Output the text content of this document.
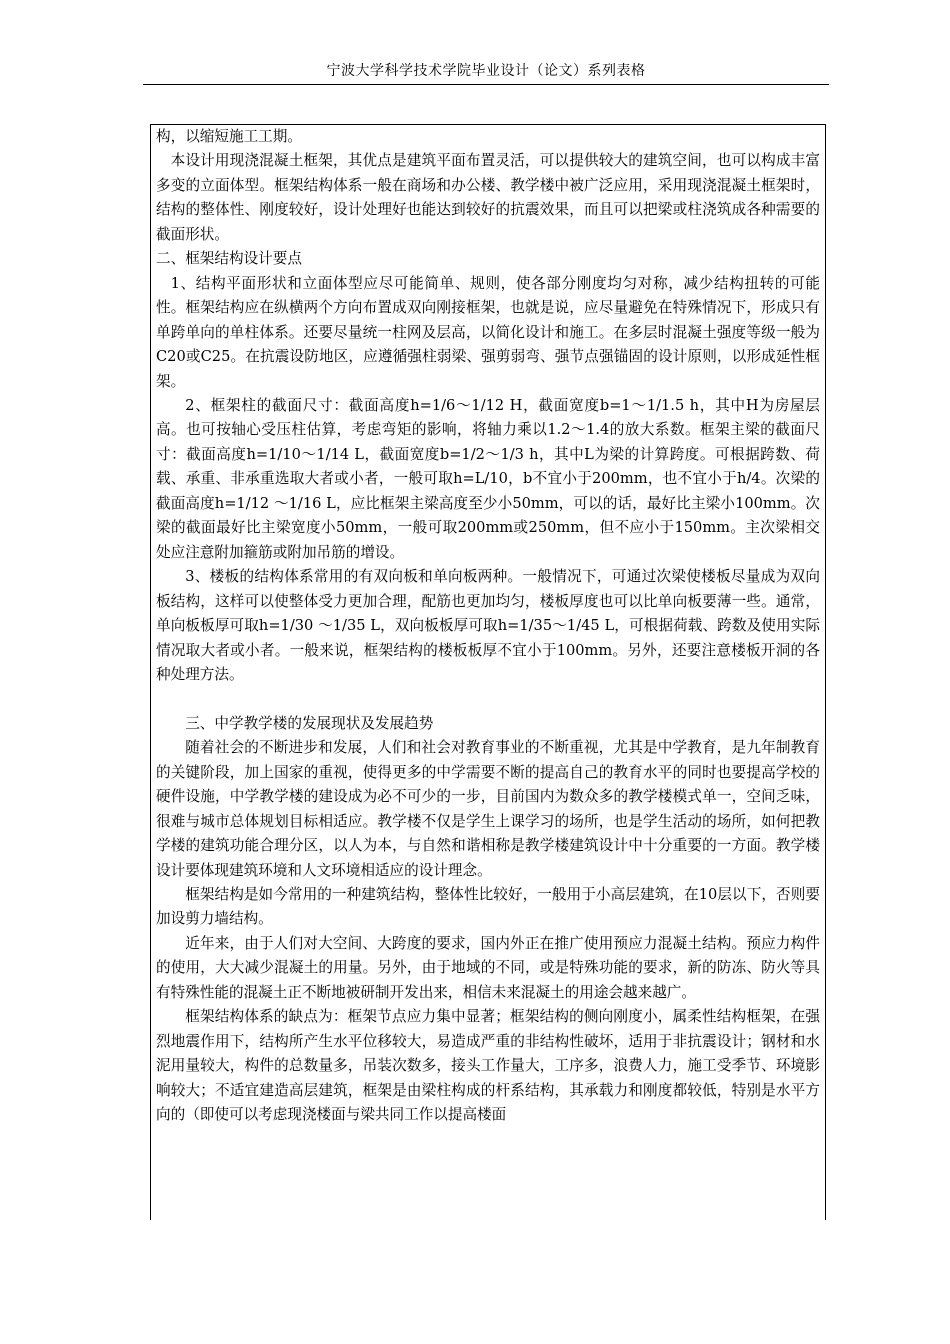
宁波大学科学技术学院毕业设计（论文）系列表格

构，以缩短施工工期。

本设计用现浇混凝土框架，其优点是建筑平面布置灵活，可以提供较大的建筑空间，也可以构成丰富多变的立面体型。框架结构体系一般在商场和办公楼、教学楼中被广泛应用，采用现浇混凝土框架时，结构的整体性、刚度较好，设计处理好也能达到较好的抗震效果，而且可以把梁或柱浇筑成各种需要的截面形状。

二、框架结构设计要点

1、结构平面形状和立面体型应尽可能简单、规则，使各部分刚度均匀对称，减少结构扭转的可能性。框架结构应在纵横两个方向布置成双向刚接框架，也就是说，应尽量避免在特殊情况下，形成只有单跨单向的单柱体系。还要尽量统一柱网及层高，以简化设计和施工。在多层时混凝土强度等级一般为C20或C25。在抗震设防地区，应遵循强柱弱梁、强剪弱弯、强节点强锚固的设计原则，以形成延性框架。

2、框架柱的截面尺寸：截面高度h=1/6～1/12 H，截面宽度b=1～1/1.5 h，其中H为房屋层高。也可按轴心受压柱估算，考虑弯矩的影响，将轴力乘以1.2～1.4的放大系数。框架主梁的截面尺寸：截面高度h=1/10～1/14 L，截面宽度b=1/2～1/3 h，其中L为梁的计算跨度。可根据跨数、荷载、承重、非承重选取大者或小者，一般可取h=L/10，b不宜小于200mm，也不宜小于h/4。次梁的截面高度h=1/12 ～1/16 L，应比框架主梁高度至少小50mm，可以的话，最好比主梁小100mm。次梁的截面最好比主梁宽度小50mm，一般可取200mm或250mm，但不应小于150mm。主次梁相交处应注意附加箍筋或附加吊筋的增设。

3、楼板的结构体系常用的有双向板和单向板两种。一般情况下，可通过次梁使楼板尽量成为双向板结构，这样可以使整体受力更加合理，配筋也更加均匀，楼板厚度也可以比单向板要薄一些。通常，单向板板厚可取h=1/30 ～1/35 L，双向板板厚可取h=1/35～1/45 L，可根据荷载、跨数及使用实际情况取大者或小者。一般来说，框架结构的楼板板厚不宜小于100mm。另外，还要注意楼板开洞的各种处理方法。

三、中学教学楼的发展现状及发展趋势

随着社会的不断进步和发展，人们和社会对教育事业的不断重视，尤其是中学教育，是九年制教育的关键阶段，加上国家的重视，使得更多的中学需要不断的提高自己的教育水平的同时也要提高学校的硬件设施，中学教学楼的建设成为必不可少的一步，目前国内为数众多的教学楼模式单一，空间乏味，很难与城市总体规划目标相适应。教学楼不仅是学生上课学习的场所，也是学生活动的场所，如何把教学楼的建筑功能合理分区，以人为本，与自然和谐相称是教学楼建筑设计中十分重要的一方面。教学楼设计要体现建筑环境和人文环境相适应的设计理念。

框架结构是如今常用的一种建筑结构，整体性比较好，一般用于小高层建筑，在10层以下，否则要加设剪力墙结构。

近年来，由于人们对大空间、大跨度的要求，国内外正在推广使用预应力混凝土结构。预应力构件的使用，大大减少混凝土的用量。另外，由于地域的不同，或是特殊功能的要求，新的防冻、防火等具有特殊性能的混凝土正不断地被研制开发出来，相信未来混凝土的用途会越来越广。

框架结构体系的缺点为：框架节点应力集中显著；框架结构的侧向刚度小，属柔性结构框架，在强烈地震作用下，结构所产生水平位移较大，易造成严重的非结构性破坏，适用于非抗震设计；钢材和水泥用量较大，构件的总数量多，吊装次数多，接头工作量大，工序多，浪费人力，施工受季节、环境影响较大；不适宜建造高层建筑，框架是由梁柱构成的杆系结构，其承载力和刚度都较低，特别是水平方向的（即使可以考虑现浇楼面与梁共同工作以提高楼面
